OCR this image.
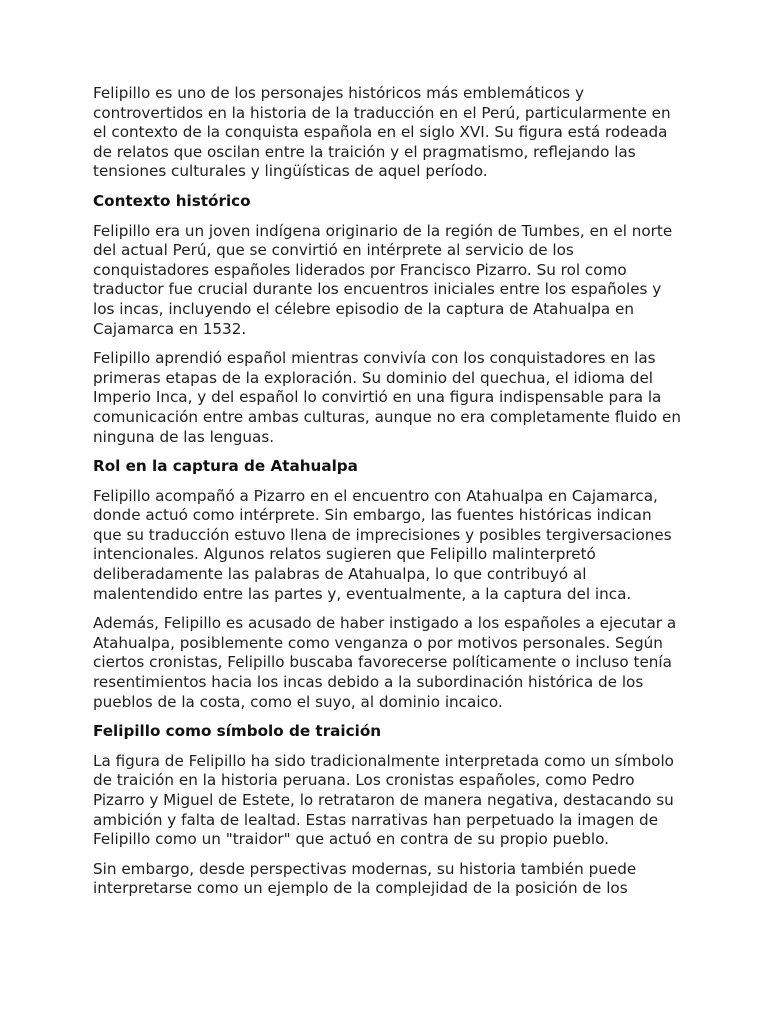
Felipillo es uno de los personajes históricos más emblemáticos y controvertidos en la historia de la traducción en el Perú, particularmente en el contexto de la conquista española en el siglo XVI. Su figura está rodeada de relatos que oscilan entre la traición y el pragmatismo, reflejando las tensiones culturales y lingüísticas de aquel período.

Contexto histórico

Felipillo era un joven indígena originario de la región de Tumbes, en el norte del actual Perú, que se convirtió en intérprete al servicio de los conquistadores españoles liderados por Francisco Pizarro. Su rol como traductor fue crucial durante los encuentros iniciales entre los españoles y los incas, incluyendo el célebre episodio de la captura de Atahualpa en Cajamarca en 1532.

Felipillo aprendió español mientras convivía con los conquistadores en las primeras etapas de la exploración. Su dominio del quechua, el idioma del Imperio Inca, y del español lo convirtió en una figura indispensable para la comunicación entre ambas culturas, aunque no era completamente fluido en ninguna de las lenguas.

Rol en la captura de Atahualpa

Felipillo acompañó a Pizarro en el encuentro con Atahualpa en Cajamarca, donde actuó como intérprete. Sin embargo, las fuentes históricas indican que su traducción estuvo llena de imprecisiones y posibles tergiversaciones intencionales. Algunos relatos sugieren que Felipillo malinterpretó deliberadamente las palabras de Atahualpa, lo que contribuyó al malentendido entre las partes y, eventualmente, a la captura del inca.

Además, Felipillo es acusado de haber instigado a los españoles a ejecutar a Atahualpa, posiblemente como venganza o por motivos personales. Según ciertos cronistas, Felipillo buscaba favorecerse políticamente o incluso tenía resentimientos hacia los incas debido a la subordinación histórica de los pueblos de la costa, como el suyo, al dominio incaico.

Felipillo como símbolo de traición

La figura de Felipillo ha sido tradicionalmente interpretada como un símbolo de traición en la historia peruana. Los cronistas españoles, como Pedro Pizarro y Miguel de Estete, lo retrataron de manera negativa, destacando su ambición y falta de lealtad. Estas narrativas han perpetuado la imagen de Felipillo como un "traidor" que actuó en contra de su propio pueblo.

Sin embargo, desde perspectivas modernas, su historia también puede interpretarse como un ejemplo de la complejidad de la posición de los
